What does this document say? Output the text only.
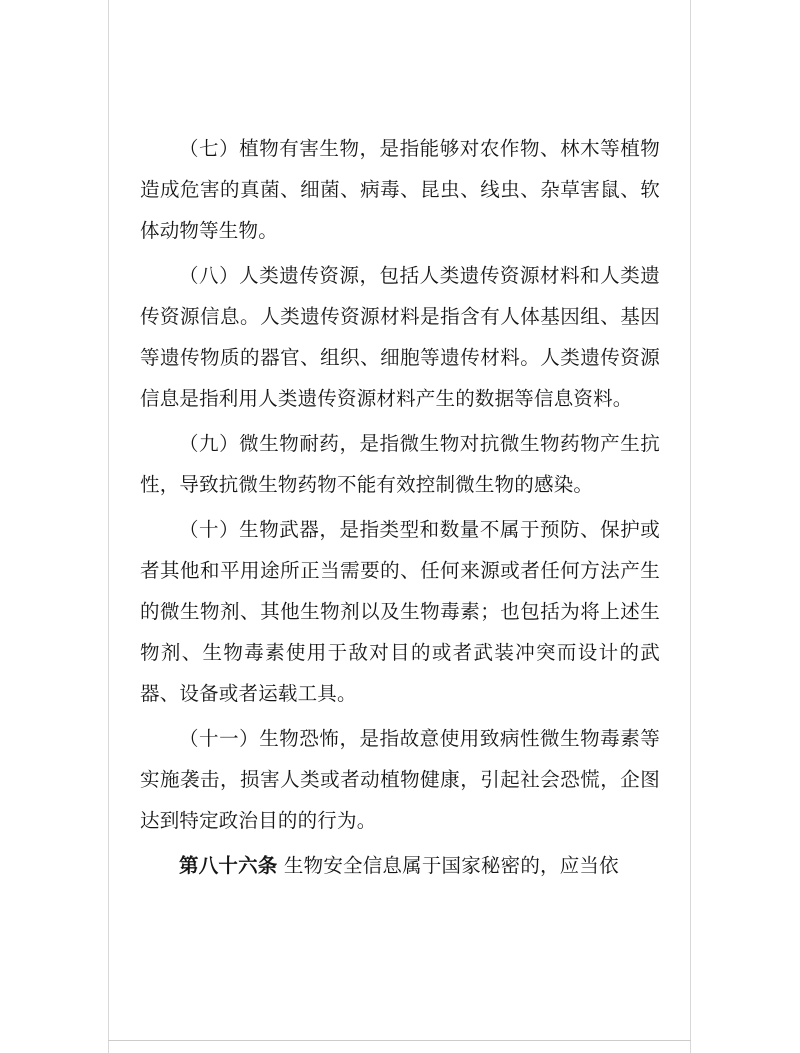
（七）植物有害生物，是指能够对农作物、林木等植物造成危害的真菌、细菌、病毒、昆虫、线虫、杂草害鼠、软体动物等生物。

（八）人类遗传资源，包括人类遗传资源材料和人类遗传资源信息。人类遗传资源材料是指含有人体基因组、基因等遗传物质的器官、组织、细胞等遗传材料。人类遗传资源信息是指利用人类遗传资源材料产生的数据等信息资料。

（九）微生物耐药，是指微生物对抗微生物药物产生抗性，导致抗微生物药物不能有效控制微生物的感染。

（十）生物武器，是指类型和数量不属于预防、保护或者其他和平用途所正当需要的、任何来源或者任何方法产生的微生物剂、其他生物剂以及生物毒素；也包括为将上述生物剂、生物毒素使用于敌对目的或者武装冲突而设计的武器、设备或者运载工具。

（十一）生物恐怖，是指故意使用致病性微生物毒素等实施袭击，损害人类或者动植物健康，引起社会恐慌，企图达到特定政治目的的行为。

第八十六条 生物安全信息属于国家秘密的，应当依
